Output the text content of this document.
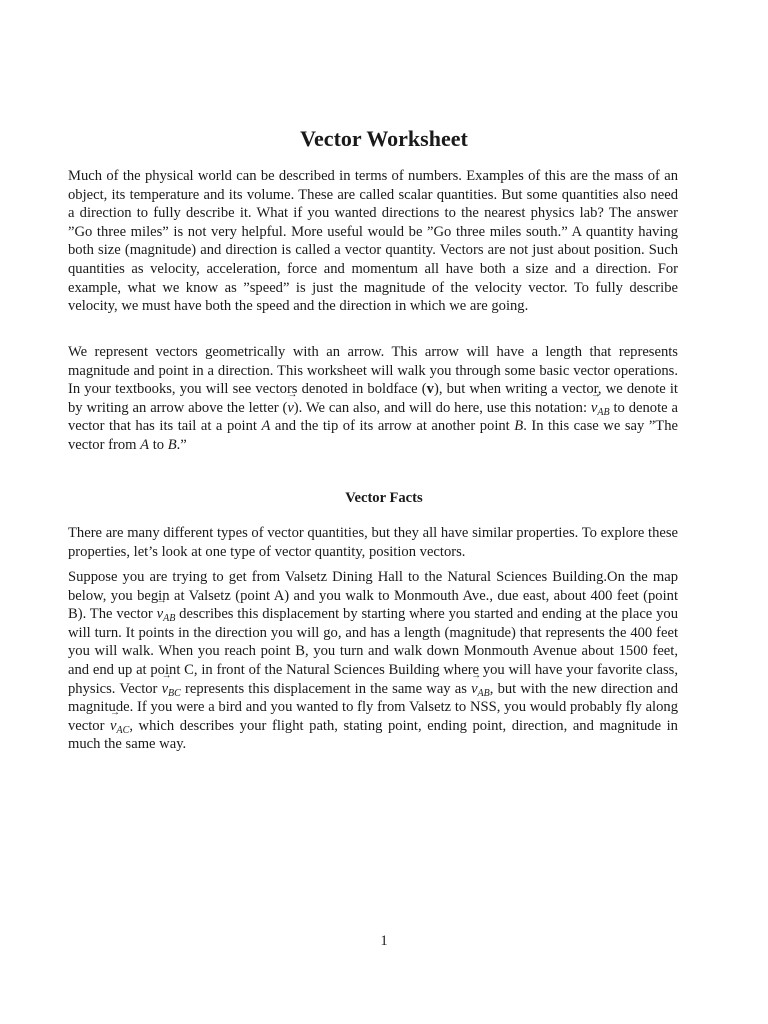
Vector Worksheet

Much of the physical world can be described in terms of numbers. Examples of this are the mass of an object, its temperature and its volume. These are called scalar quantities. But some quantities also need a direction to fully describe it. What if you wanted directions to the nearest physics lab? The answer ”Go three miles” is not very helpful. More useful would be ”Go three miles south.” A quantity having both size (magnitude) and direction is called a vector quantity. Vectors are not just about position. Such quantities as velocity, acceleration, force and momentum all have both a size and a direction. For example, what we know as ”speed” is just the magnitude of the velocity vector. To fully describe velocity, we must have both the speed and the direction in which we are going.

We represent vectors geometrically with an arrow. This arrow will have a length that represents magnitude and point in a direction. This worksheet will walk you through some basic vector operations. In your textbooks, you will see vectors denoted in boldface (v), but when writing a vector, we denote it by writing an arrow above the letter (→ v). We can also, and will do here, use this notation: → $v_{AB}$ to denote a vector that has its tail at a point A and the tip of its arrow at another point B. In this case we say ”The vector from A to B.”

Vector Facts

There are many different types of vector quantities, but they all have similar properties. To explore these properties, let’s look at one type of vector quantity, position vectors.

Suppose you are trying to get from Valsetz Dining Hall to the Natural Sciences Building.On the map below, you begin at Valsetz (point A) and you walk to Monmouth Ave., due east, about 400 feet (point B). The vector → $v_{AB}$ describes this displacement by starting where you started and ending at the place you will turn. It points in the direction you will go, and has a length (magnitude) that represents the 400 feet you will walk. When you reach point B, you turn and walk down Monmouth Avenue about 1500 feet, and end up at point C, in front of the Natural Sciences Building where you will have your favorite class, physics. Vector → $v_{BC}$ represents this displacement in the same way as → $v_{AB}$, but with the new direction and magnitude. If you were a bird and you wanted to fly from Valsetz to NSS, you would probably fly along vector → $v_{AC}$, which describes your flight path, stating point, ending point, direction, and magnitude in much the same way.

1
